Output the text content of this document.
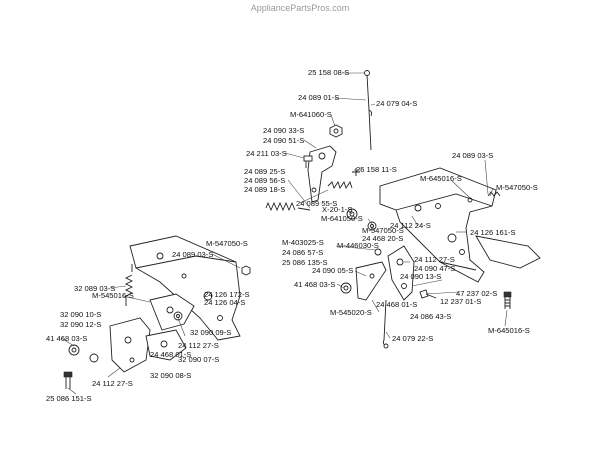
AppliancePartsPros.com
25 158 08-S
24 089 01-S
24 079 04-S
M-641060-S
24 090 33-S
24 090 51-S
24 211 03-S
25 158 11-S
24 089 03-S
M-645016-S
M-547050-S
24 089 25-S
24 089 56-S
24 089 18-S
24 089 55-S
X-20-1-S
M-641050-S
24 112 24-S
M-547050-S
24 468 20-S
24 126 161-S
M-403025-S M-446030-S
24 086 57-S
25 086 135-S	24 112 27-S
24 090 47-S
24 090 13-S
M-547050-S
24 089 03-S
24 090 05-S
41 468 03-S
47 237 02-S
12 237 01-S
24 468 01-S
24 086 43-S
M-545020-S
M-645016-S
24 079 22-S
32 089 03-S
M-545016-S	24 126 172-S
24 126 04-S
32 090 09-S
32 090 10-S
32 090 12-S
24 112 27-S
41 468 03-S
24 468 01-S
32 090 07-S
24 112 27-S
32 090 08-S
25 086 151-S
